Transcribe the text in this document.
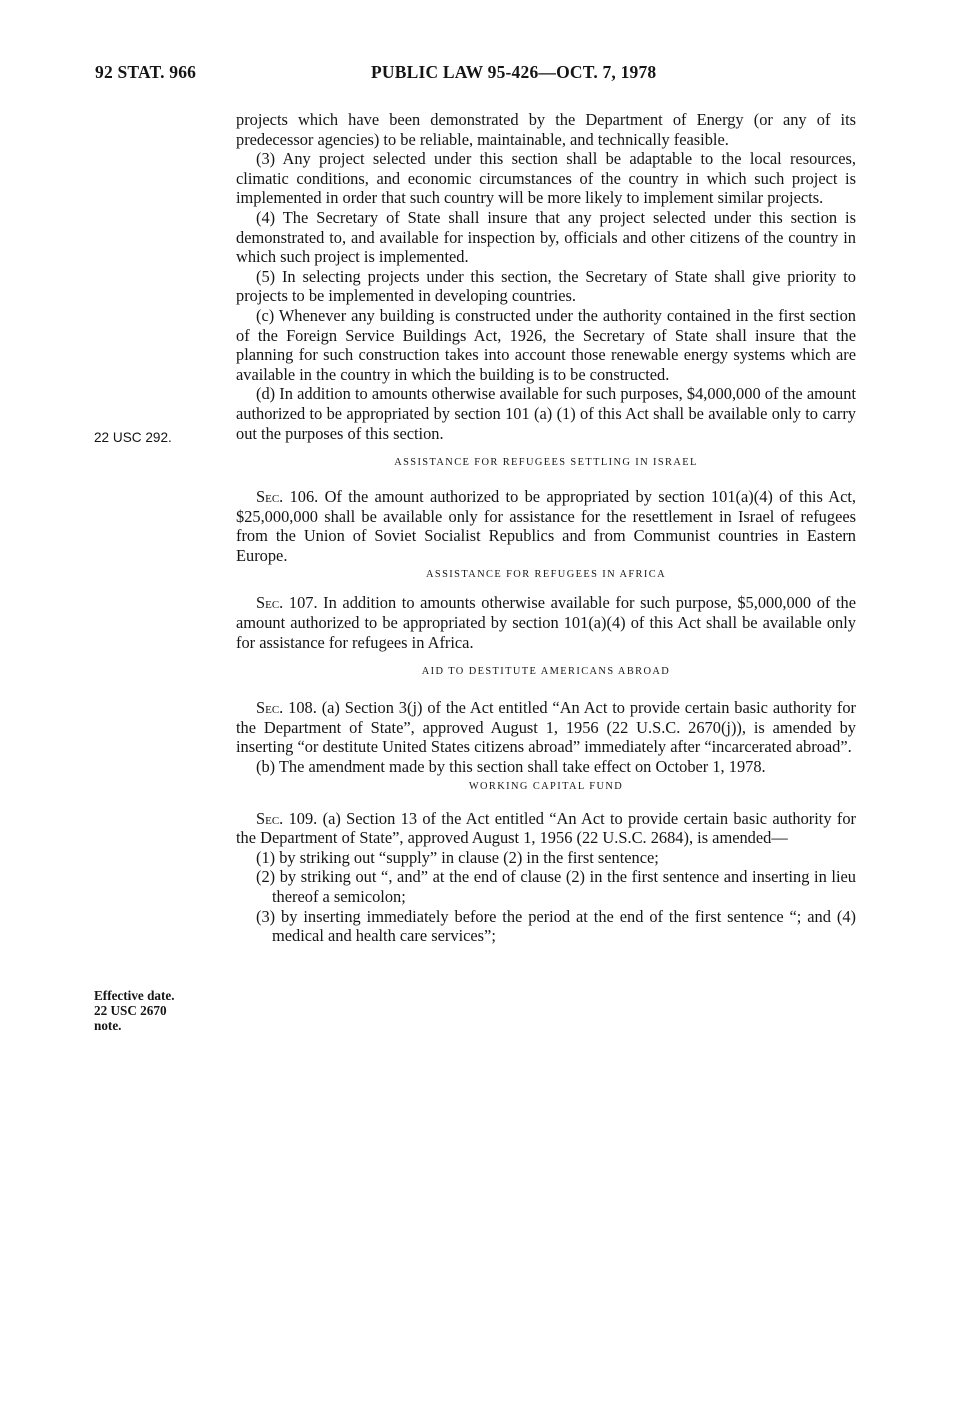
92 STAT. 966	PUBLIC LAW 95-426—OCT. 7, 1978
22 USC 292.
Effective date.
22 USC 2670
note.

projects which have been demonstrated by the Department of Energy (or any of its predecessor agencies) to be reliable, maintainable, and technically feasible.

(3) Any project selected under this section shall be adaptable to the local resources, climatic conditions, and economic circumstances of the country in which such project is implemented in order that such country will be more likely to implement similar projects.

(4) The Secretary of State shall insure that any project selected under this section is demonstrated to, and available for inspection by, officials and other citizens of the country in which such project is implemented.

(5) In selecting projects under this section, the Secretary of State shall give priority to projects to be implemented in developing countries.

(c) Whenever any building is constructed under the authority contained in the first section of the Foreign Service Buildings Act, 1926, the Secretary of State shall insure that the planning for such construction takes into account those renewable energy systems which are available in the country in which the building is to be constructed.

(d) In addition to amounts otherwise available for such purposes, $4,000,000 of the amount authorized to be appropriated by section 101 (a) (1) of this Act shall be available only to carry out the purposes of this section.

ASSISTANCE FOR REFUGEES SETTLING IN ISRAEL

Sec. 106. Of the amount authorized to be appropriated by section 101(a)(4) of this Act, $25,000,000 shall be available only for assistance for the resettlement in Israel of refugees from the Union of Soviet Socialist Republics and from Communist countries in Eastern Europe.

ASSISTANCE FOR REFUGEES IN AFRICA

Sec. 107. In addition to amounts otherwise available for such purpose, $5,000,000 of the amount authorized to be appropriated by section 101(a)(4) of this Act shall be available only for assistance for refugees in Africa.

AID TO DESTITUTE AMERICANS ABROAD

Sec. 108. (a) Section 3(j) of the Act entitled “An Act to provide certain basic authority for the Department of State”, approved August 1, 1956 (22 U.S.C. 2670(j)), is amended by inserting “or destitute United States citizens abroad” immediately after “incarcerated abroad”.

(b) The amendment made by this section shall take effect on October 1, 1978.

WORKING CAPITAL FUND

Sec. 109. (a) Section 13 of the Act entitled “An Act to provide certain basic authority for the Department of State”, approved August 1, 1956 (22 U.S.C. 2684), is amended—

(1) by striking out “supply” in clause (2) in the first sentence;

(2) by striking out “, and” at the end of clause (2) in the first sentence and inserting in lieu thereof a semicolon;

(3) by inserting immediately before the period at the end of the first sentence “; and (4) medical and health care services”;
